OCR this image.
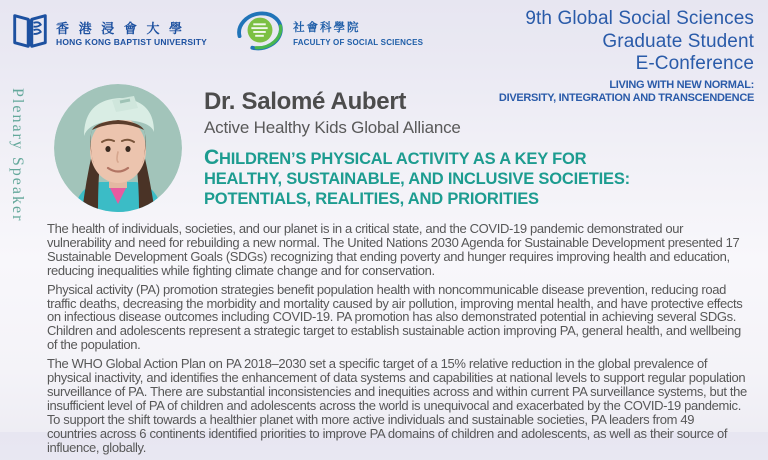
香 港 浸 會 大 學
HONG KONG BAPTIST UNIVERSITY
社會科學院
FACULTY OF SOCIAL SCIENCES
9th Global Social Sciences
Graduate Student
E-Conference
LIVING WITH NEW NORMAL:
DIVERSITY, INTEGRATION AND TRANSCENDENCE
Plenary Speaker	Dr. Salomé Aubert
Active Healthy Kids Global Alliance
CHILDREN’S PHYSICAL ACTIVITY AS A KEY FOR
HEALTHY, SUSTAINABLE, AND INCLUSIVE SOCIETIES:
POTENTIALS, REALITIES, AND PRIORITIES

The health of individuals, societies, and our planet is in a critical state, and the COVID-19 pandemic demonstrated our vulnerability and need for rebuilding a new normal. The United Nations 2030 Agenda for Sustainable Development presented 17 Sustainable Development Goals (SDGs) recognizing that ending poverty and hunger requires improving health and education, reducing inequalities while fighting climate change and for conservation.

Physical activity (PA) promotion strategies benefit population health with noncommunicable disease prevention, reducing road traffic deaths, decreasing the morbidity and mortality caused by air pollution, improving mental health, and have protective effects on infectious disease outcomes including COVID-19. PA promotion has also demonstrated potential in achieving several SDGs. Children and adolescents represent a strategic target to establish sustainable action improving PA, general health, and wellbeing of the population.

The WHO Global Action Plan on PA 2018–2030 set a specific target of a 15% relative reduction in the global prevalence of physical inactivity, and identifies the enhancement of data systems and capabilities at national levels to support regular population surveillance of PA. There are substantial inconsistencies and inequities across and within current PA surveillance systems, but the insufficient level of PA of children and adolescents across the world is unequivocal and exacerbated by the COVID-19 pandemic. To support the shift towards a healthier planet with more active individuals and sustainable societies, PA leaders from 49 countries across 6 continents identified priorities to improve PA domains of children and adolescents, as well as their source of influence, globally.
